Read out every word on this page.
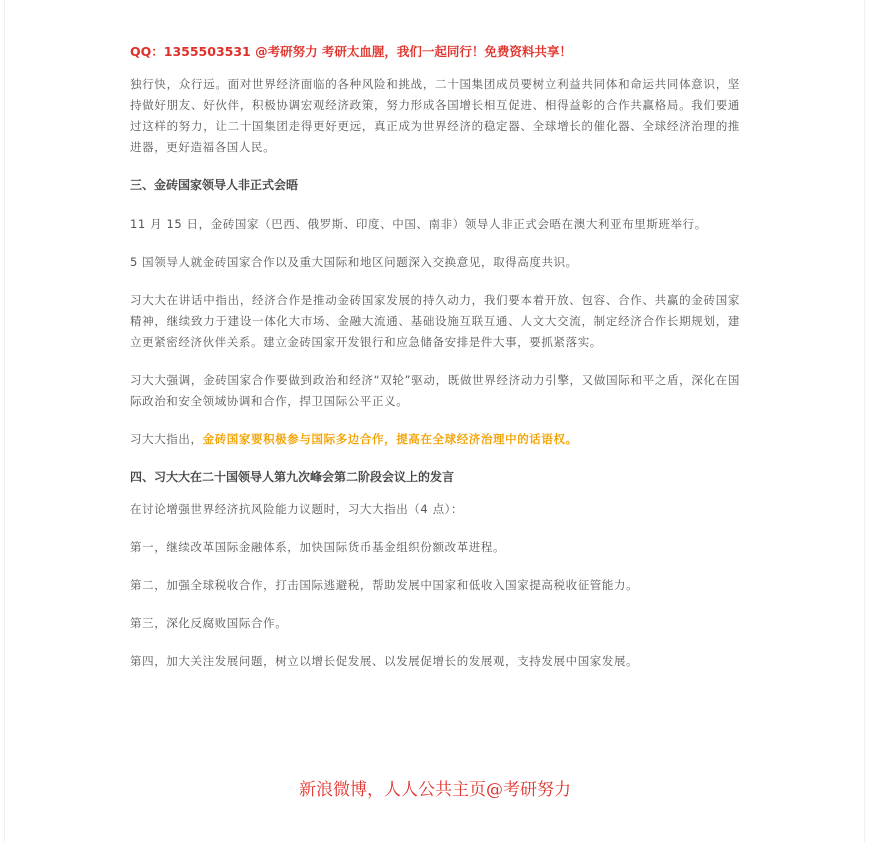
QQ：1355503531 @考研努力 考研太血腥，我们一起同行！免费资料共享！

独行快，众行远。面对世界经济面临的各种风险和挑战，二十国集团成员要树立利益共同体和命运共同体意识，坚持做好朋友、好伙伴，积极协调宏观经济政策，努力形成各国增长相互促进、相得益彰的合作共赢格局。我们要通过这样的努力，让二十国集团走得更好更远，真正成为世界经济的稳定器、全球增长的催化器、全球经济治理的推进器，更好造福各国人民。

三、金砖国家领导人非正式会晤

11 月 15 日，金砖国家（巴西、俄罗斯、印度、中国、南非）领导人非正式会晤在澳大利亚布里斯班举行。

5 国领导人就金砖国家合作以及重大国际和地区问题深入交换意见，取得高度共识。

习大大在讲话中指出，经济合作是推动金砖国家发展的持久动力，我们要本着开放、包容、合作、共赢的金砖国家精神，继续致力于建设一体化大市场、金融大流通、基础设施互联互通、人文大交流，制定经济合作长期规划，建立更紧密经济伙伴关系。建立金砖国家开发银行和应急储备安排是件大事，要抓紧落实。

习大大强调，金砖国家合作要做到政治和经济“双轮”驱动，既做世界经济动力引擎，又做国际和平之盾，深化在国际政治和安全领域协调和合作，捍卫国际公平正义。

习大大指出，金砖国家要积极参与国际多边合作，提高在全球经济治理中的话语权。

四、习大大在二十国领导人第九次峰会第二阶段会议上的发言

在讨论增强世界经济抗风险能力议题时，习大大指出（4 点）：

第一，继续改革国际金融体系，加快国际货币基金组织份额改革进程。

第二，加强全球税收合作，打击国际逃避税，帮助发展中国家和低收入国家提高税收征管能力。

第三，深化反腐败国际合作。

第四，加大关注发展问题，树立以增长促发展、以发展促增长的发展观，支持发展中国家发展。

新浪微博，人人公共主页@考研努力
